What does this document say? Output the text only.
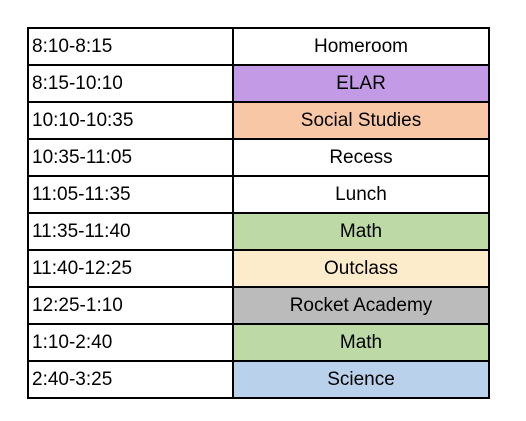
8:10-8:15	Homeroom
8:15-10:10	ELAR
10:10-10:35	Social Studies
10:35-11:05	Recess
11:05-11:35	Lunch
11:35-11:40	Math
11:40-12:25	Outclass
12:25-1:10	Rocket Academy
1:10-2:40	Math
2:40-3:25	Science
